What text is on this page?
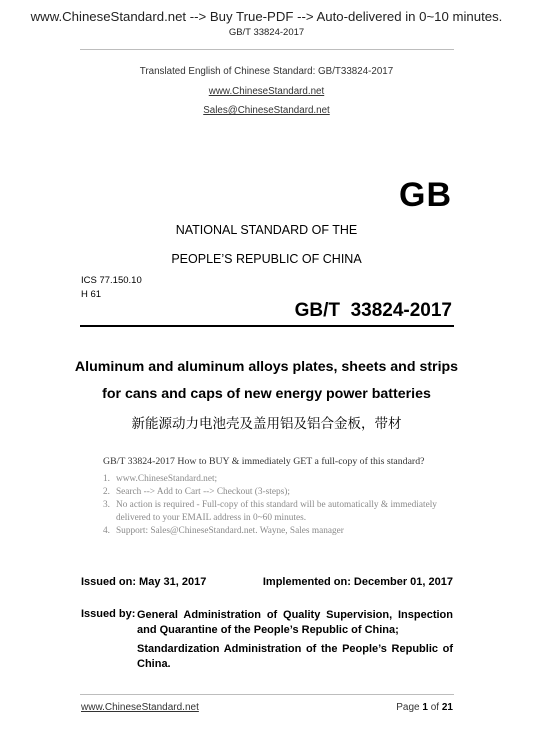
www.ChineseStandard.net --> Buy True-PDF --> Auto-delivered in 0~10 minutes.
GB/T 33824-2017
Translated English of Chinese Standard: GB/T33824-2017
www.ChineseStandard.net
Sales@ChineseStandard.net
GB
NATIONAL STANDARD OF THE
PEOPLE’S REPUBLIC OF CHINA
ICS 77.150.10
H 61
GB/T  33824-2017
Aluminum and aluminum alloys plates, sheets and strips
for cans and caps of new energy power batteries
新能源动力电池壳及盖用铝及铝合金板，带材
GB/T 33824-2017 How to BUY & immediately GET a full-copy of this standard?
1. www.ChineseStandard.net;
2. Search --> Add to Cart --> Checkout (3-steps);
3. No action is required - Full-copy of this standard will be automatically & immediately delivered to your EMAIL address in 0~60 minutes.
4. Support: Sales@ChineseStandard.net. Wayne, Sales manager
Issued on: May 31, 2017	Implemented on: December 01, 2017
Issued by: General Administration of Quality Supervision, Inspection and Quarantine of the People’s Republic of China;
Standardization Administration of the People’s Republic of China.
www.ChineseStandard.net	Page 1 of 21
